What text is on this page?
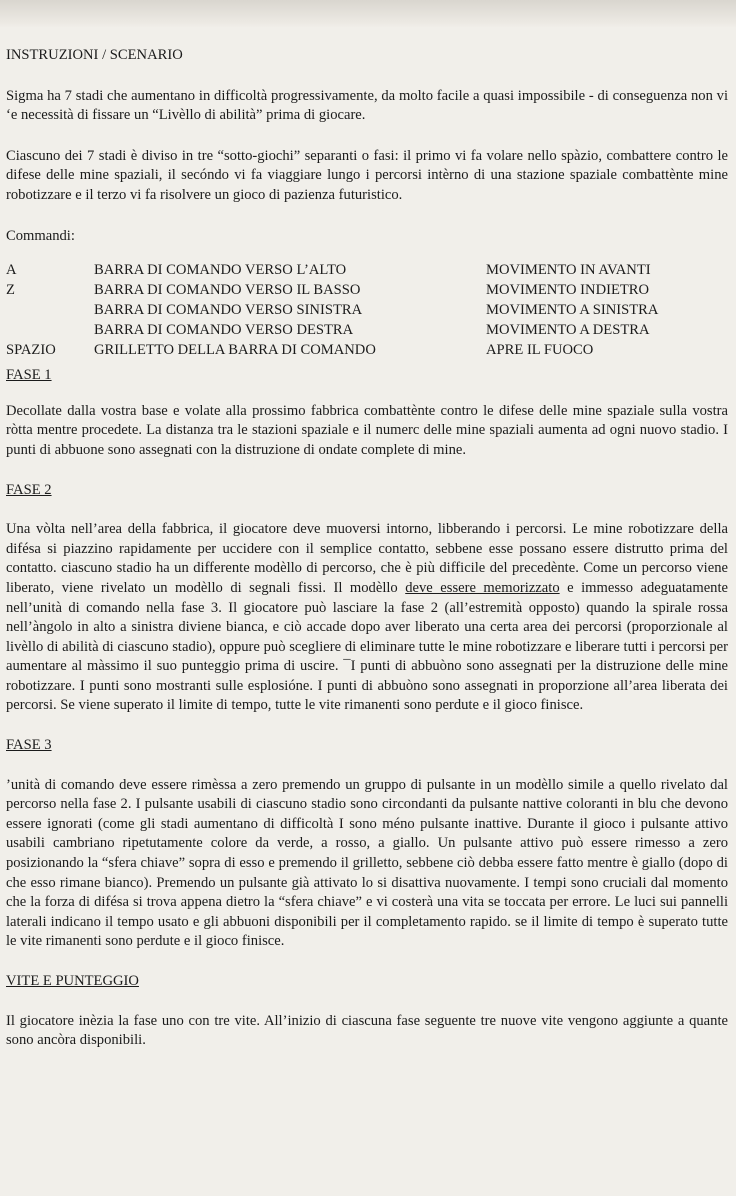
INSTRUZIONI / SCENARIO

Sigma ha 7 stadi che aumentano in difficoltà progressivamente, da molto facile a quasi impossibile - di conseguenza non vi ‘e necessità di fissare un “Livèllo di abilità” prima di giocare.

Ciascuno dei 7 stadi è diviso in tre “sotto-giochi” separanti o fasi: il primo vi fa volare nello spàzio, combattere contro le difese delle mine spaziali, il secóndo vi fa viaggiare lungo i percorsi intèrno di una stazione spaziale combattènte mine robotizzare e il terzo vi fa risolvere un gioco di pazienza futuristico.

Commandi:

A	BARRA DI COMANDO VERSO L’ALTO	MOVIMENTO IN AVANTI
Z	BARRA DI COMANDO VERSO IL BASSO	MOVIMENTO INDIETRO
	BARRA DI COMANDO VERSO SINISTRA	MOVIMENTO A SINISTRA
	BARRA DI COMANDO VERSO DESTRA	MOVIMENTO A DESTRA
SPAZIO	GRILLETTO DELLA BARRA DI COMANDO	APRE IL FUOCO
FASE 1

Decollate dalla vostra base e volate alla prossimo fabbrica combattènte contro le difese delle mine spaziale sulla vostra ròtta mentre procedete. La distanza tra le stazioni spaziale e il numerc delle mine spaziali aumenta ad ogni nuovo stadio. I punti di abbuone sono assegnati con la distruzione di ondate complete di mine.

FASE 2

Una vòlta nell’area della fabbrica, il giocatore deve muoversi intorno, libberando i percorsi. Le mine robotizzare della difésa si piazzino rapidamente per uccidere con il semplice contatto, sebbene esse possano essere distrutto prima del contatto. ciascuno stadio ha un differente modèllo di percorso, che è più difficile del precedènte. Come un percorso viene liberato, viene rivelato un modèllo di segnali fissi. Il modèllo deve essere memorizzato e immesso adeguatamente nell’unità di comando nella fase 3. Il giocatore può lasciare la fase 2 (all’estremità opposto) quando la spirale rossa nell’àngolo in alto a sinistra diviene bianca, e ciò accade dopo aver liberato una certa area dei percorsi (proporzionale al livèllo di abilità di ciascuno stadio), oppure può scegliere di eliminare tutte le mine robotizzare e liberare tutti i percorsi per aumentare al màssimo il suo punteggio prima di uscire. ¯I punti di abbuòno sono assegnati per la distruzione delle mine robotizzare. I punti sono mostranti sulle esplosióne. I punti di abbuòno sono assegnati in proporzione all’area liberata dei percorsi. Se viene superato il limite di tempo, tutte le vite rimanenti sono perdute e il gioco finisce.

FASE 3

’unità di comando deve essere rimèssa a zero premendo un gruppo di pulsante in un modèllo simile a quello rivelato dal percorso nella fase 2. I pulsante usabili di ciascuno stadio sono circondanti da pulsante nattive coloranti in blu che devono essere ignorati (come gli stadi aumentano di difficoltà I sono méno pulsante inattive. Durante il gioco i pulsante attivo usabili cambriano ripetutamente colore da verde, a rosso, a giallo. Un pulsante attivo può essere rimesso a zero posizionando la “sfera chiave” sopra di esso e premendo il grilletto, sebbene ciò debba essere fatto mentre è giallo (dopo di che esso rimane bianco). Premendo un pulsante già attivato lo si disattiva nuovamente. I tempi sono cruciali dal momento che la forza di difésa si trova appena dietro la “sfera chiave” e vi costerà una vita se toccata per errore. Le luci sui pannelli laterali indicano il tempo usato e gli abbuoni disponibili per il completamento rapido. se il limite di tempo è superato tutte le vite rimanenti sono perdute e il gioco finisce.

VITE E PUNTEGGIO

Il giocatore inèzia la fase uno con tre vite. All’inizio di ciascuna fase seguente tre nuove vite vengono aggiunte a quante sono ancòra disponibili.
